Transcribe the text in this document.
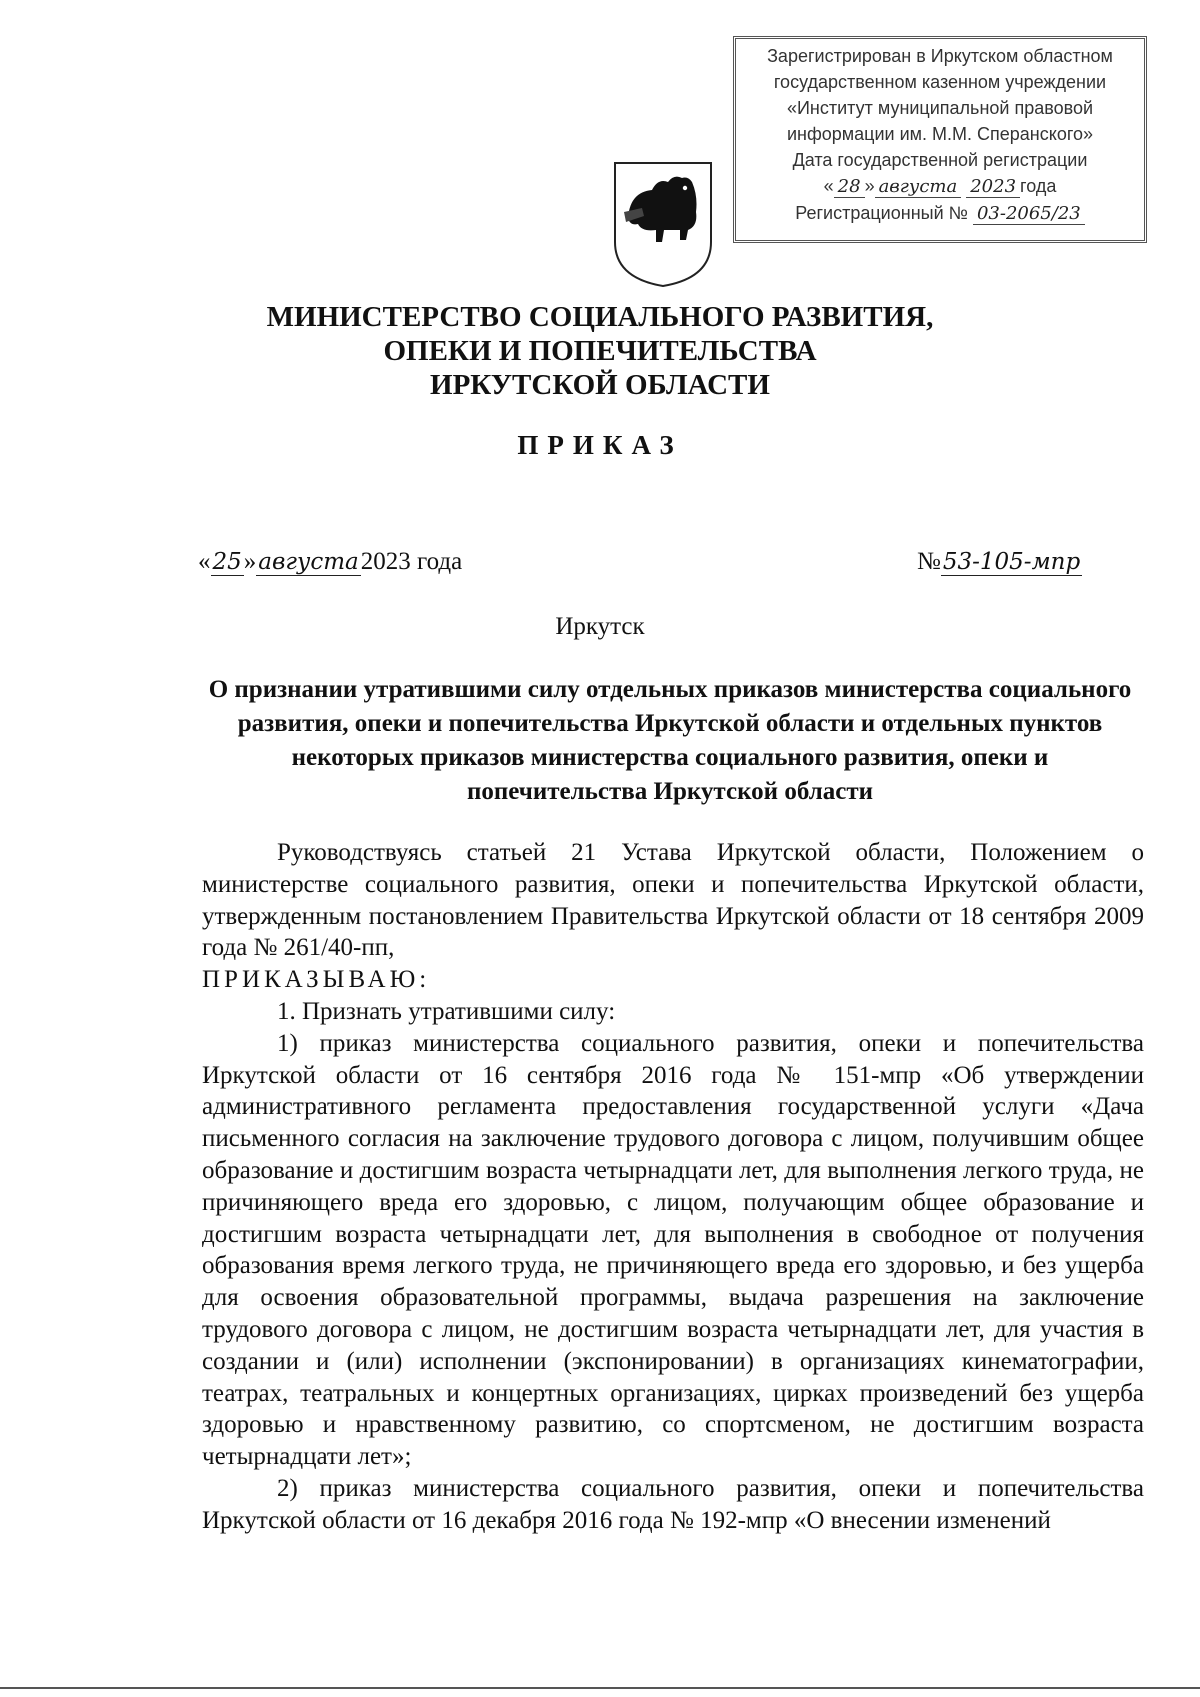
Зарегистрирован в Иркутском областном
государственном казенном учреждении
«Институт муниципальной правовой
информации им. М.М. Сперанского»
Дата государственной регистрации
« 28 » августа 2023 года
Регистрационный № 03-2065/23
МИНИСТЕРСТВО СОЦИАЛЬНОГО РАЗВИТИЯ,
ОПЕКИ И ПОПЕЧИТЕЛЬСТВА
ИРКУТСКОЙ ОБЛАСТИ
ПРИКАЗ
«25»августа2023 года	№53-105-мпр
Иркутск
О признании утратившими силу отдельных приказов министерства социального развития, опеки и попечительства Иркутской области и отдельных пунктов некоторых приказов министерства социального развития, опеки и попечительства Иркутской области

Руководствуясь статьей 21 Устава Иркутской области, Положением о министерстве социального развития, опеки и попечительства Иркутской области, утвержденным постановлением Правительства Иркутской области от 18 сентября 2009 года № 261/40-пп,

ПРИКАЗЫВАЮ:

1. Признать утратившими силу:

1) приказ министерства социального развития, опеки и попечительства Иркутской области от 16 сентября 2016 года № 151-мпр «Об утверждении административного регламента предоставления государственной услуги «Дача письменного согласия на заключение трудового договора с лицом, получившим общее образование и достигшим возраста четырнадцати лет, для выполнения легкого труда, не причиняющего вреда его здоровью, с лицом, получающим общее образование и достигшим возраста четырнадцати лет, для выполнения в свободное от получения образования время легкого труда, не причиняющего вреда его здоровью, и без ущерба для освоения образовательной программы, выдача разрешения на заключение трудового договора с лицом, не достигшим возраста четырнадцати лет, для участия в создании и (или) исполнении (экспонировании) в организациях кинематографии, театрах, театральных и концертных организациях, цирках произведений без ущерба здоровью и нравственному развитию, со спортсменом, не достигшим возраста четырнадцати лет»;

2) приказ министерства социального развития, опеки и попечительства Иркутской области от 16 декабря 2016 года № 192-мпр «О внесении изменений
